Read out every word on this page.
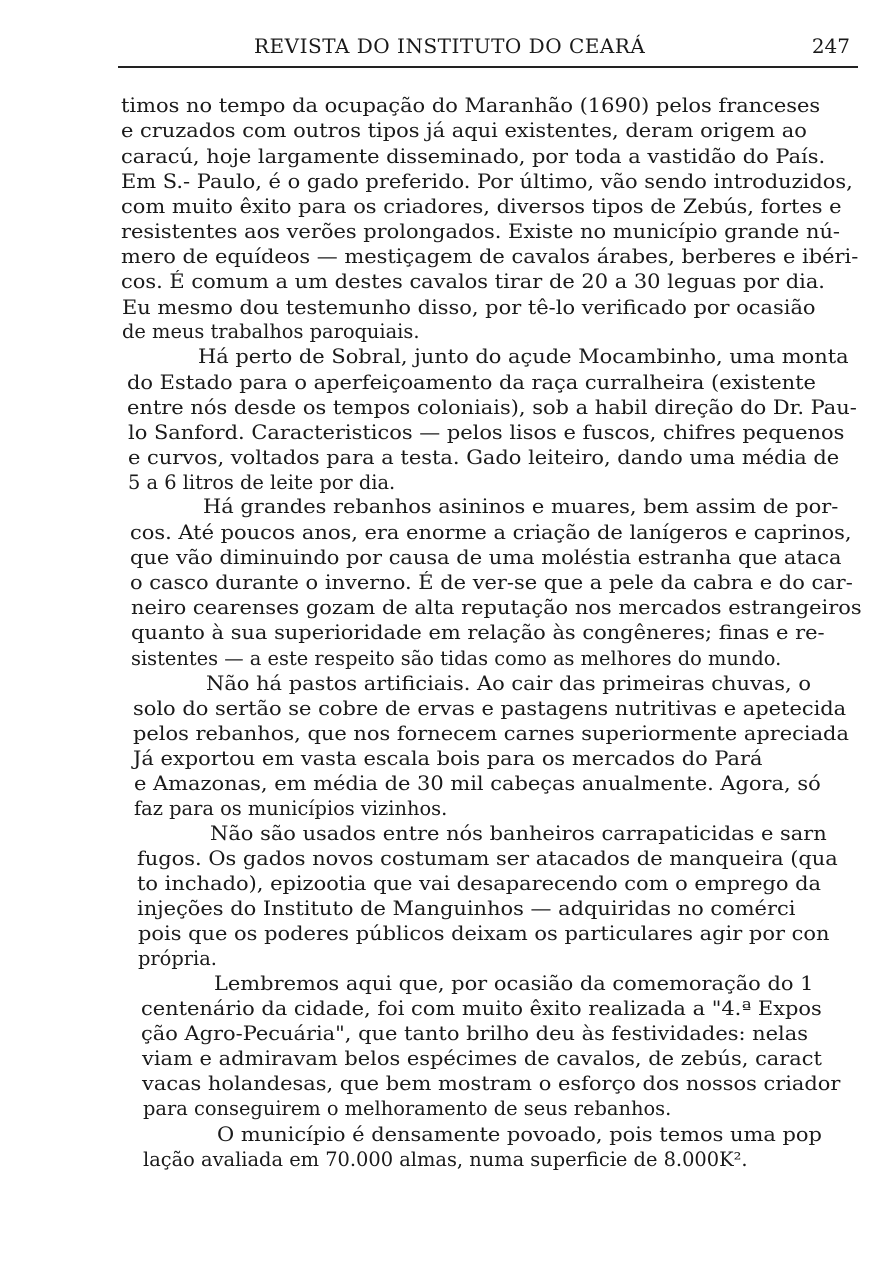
REVISTA DO INSTITUTO DO CEARÁ	247
timos no tempo da ocupação do Maranhão (1690) pelos franceses
e cruzados com outros tipos já aqui existentes, deram origem ao
caracú, hoje largamente disseminado, por toda a vastidão do País.
Em S.- Paulo, é o gado preferido. Por último, vão sendo introduzidos,
com muito êxito para os criadores, diversos tipos de Zebús, fortes e
resistentes aos verões prolongados. Existe no município grande nú-
mero de equídeos — mestiçagem de cavalos árabes, berberes e ibéri-
cos. É comum a um destes cavalos tirar de 20 a 30 leguas por dia.
Eu mesmo dou testemunho disso, por tê-lo verificado por ocasião
de meus trabalhos paroquiais.
Há perto de Sobral, junto do açude Mocambinho, uma monta
do Estado para o aperfeiçoamento da raça curralheira (existente
entre nós desde os tempos coloniais), sob a habil direção do Dr. Pau-
lo Sanford. Caracteristicos — pelos lisos e fuscos, chifres pequenos
e curvos, voltados para a testa. Gado leiteiro, dando uma média de
5 a 6 litros de leite por dia.
Há grandes rebanhos asininos e muares, bem assim de por-
cos. Até poucos anos, era enorme a criação de lanígeros e caprinos,
que vão diminuindo por causa de uma moléstia estranha que ataca
o casco durante o inverno. É de ver-se que a pele da cabra e do car-
neiro cearenses gozam de alta reputação nos mercados estrangeiros
quanto à sua superioridade em relação às congêneres; finas e re-
sistentes — a este respeito são tidas como as melhores do mundo.
Não há pastos artificiais. Ao cair das primeiras chuvas, o
solo do sertão se cobre de ervas e pastagens nutritivas e apetecida
pelos rebanhos, que nos fornecem carnes superiormente apreciada
Já exportou em vasta escala bois para os mercados do Pará
e Amazonas, em média de 30 mil cabeças anualmente. Agora, só
faz para os municípios vizinhos.
Não são usados entre nós banheiros carrapaticidas e sarn
fugos. Os gados novos costumam ser atacados de manqueira (qua
to inchado), epizootia que vai desaparecendo com o emprego da
injeções do Instituto de Manguinhos — adquiridas no comérci
pois que os poderes públicos deixam os particulares agir por con
própria.
Lembremos aqui que, por ocasião da comemoração do 1
centenário da cidade, foi com muito êxito realizada a "4.ª Expos
ção Agro-Pecuária", que tanto brilho deu às festividades: nelas
viam e admiravam belos espécimes de cavalos, de zebús, caract
vacas holandesas, que bem mostram o esforço dos nossos criador
para conseguirem o melhoramento de seus rebanhos.
O município é densamente povoado, pois temos uma pop
lação avaliada em 70.000 almas, numa superficie de 8.000K².
